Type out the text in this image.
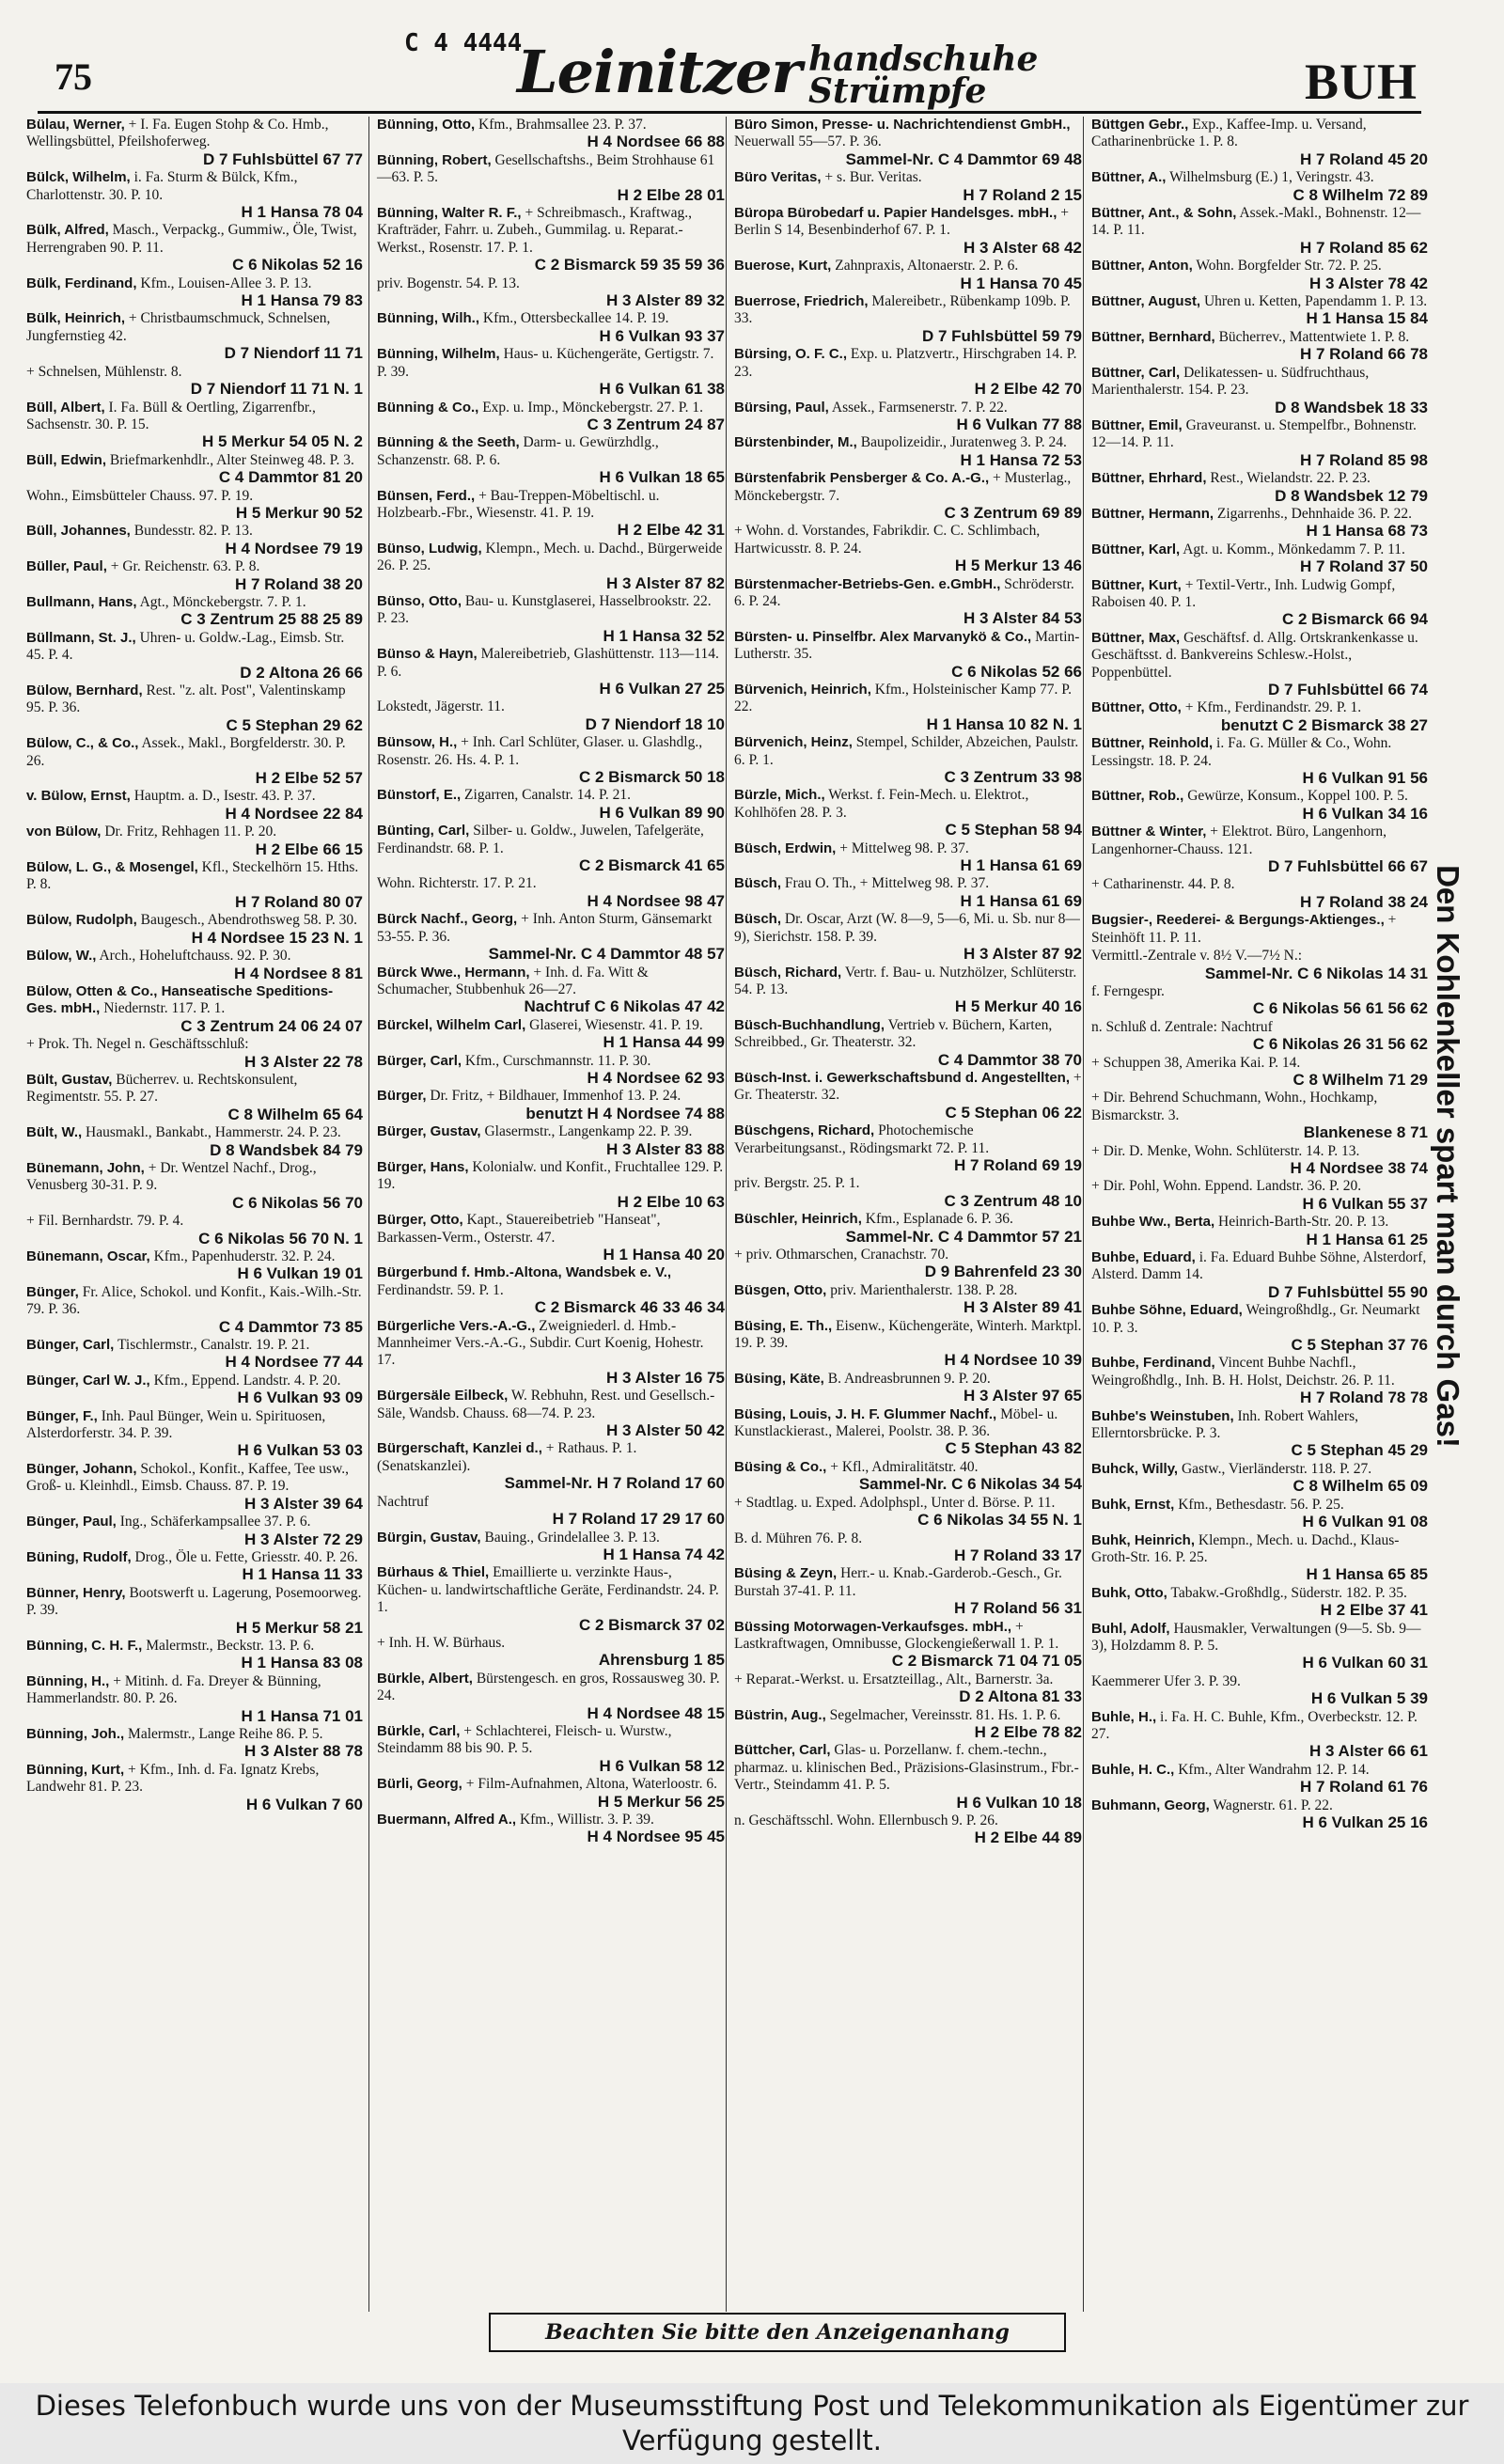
75
C 4 4444
Leinitzer handschuhe Strümpfe	BUH
Bülau, Werner, + I. Fa. Eugen Stohp & Co. Hmb., Wellingsbüttel, Pfeilshoferweg.
D 7 Fuhlsbüttel 67 77
Bülck, Wilhelm, i. Fa. Sturm & Bülck, Kfm., Charlottenstr. 30. P. 10.
H 1 Hansa 78 04
Bülk, Alfred, Masch., Verpackg., Gummiw., Öle, Twist, Herrengraben 90. P. 11.
C 6 Nikolas 52 16
Bülk, Ferdinand, Kfm., Louisen-Allee 3. P. 13.
H 1 Hansa 79 83
Bülk, Heinrich, + Christbaumschmuck, Schnelsen, Jungfernstieg 42.
D 7 Niendorf 11 71
+ Schnelsen, Mühlenstr. 8.
D 7 Niendorf 11 71 N. 1
Büll, Albert, I. Fa. Büll & Oertling, Zigarrenfbr., Sachsenstr. 30. P. 15.
H 5 Merkur 54 05 N. 2
Büll, Edwin, Briefmarkenhdlr., Alter Steinweg 48. P. 3.
C 4 Dammtor 81 20
Wohn., Eimsbütteler Chauss. 97. P. 19.
H 5 Merkur 90 52
Büll, Johannes, Bundesstr. 82. P. 13.
H 4 Nordsee 79 19
Büller, Paul, + Gr. Reichenstr. 63. P. 8.
H 7 Roland 38 20
Bullmann, Hans, Agt., Mönckebergstr. 7. P. 1.
C 3 Zentrum 25 88 25 89
Büllmann, St. J., Uhren- u. Goldw.-Lag., Eimsb. Str. 45. P. 4.
D 2 Altona 26 66
Bülow, Bernhard, Rest. "z. alt. Post", Valentinskamp 95. P. 36.
C 5 Stephan 29 62
Bülow, C., & Co., Assek., Makl., Borgfelderstr. 30. P. 26.
H 2 Elbe 52 57
v. Bülow, Ernst, Hauptm. a. D., Isestr. 43. P. 37.
H 4 Nordsee 22 84
von Bülow, Dr. Fritz, Rehhagen 11. P. 20.
H 2 Elbe 66 15
Bülow, L. G., & Mosengel, Kfl., Steckelhörn 15. Hths. P. 8.
H 7 Roland 80 07
Bülow, Rudolph, Baugesch., Abendrothsweg 58. P. 30.
H 4 Nordsee 15 23 N. 1
Bülow, W., Arch., Hoheluftchauss. 92. P. 30.
H 4 Nordsee 8 81
Bülow, Otten & Co., Hanseatische Speditions-Ges. mbH., Niedernstr. 117. P. 1.
C 3 Zentrum 24 06 24 07
+ Prok. Th. Negel n. Geschäftsschluß:
H 3 Alster 22 78
Bült, Gustav, Bücherrev. u. Rechtskonsulent, Regimentstr. 55. P. 27.
C 8 Wilhelm 65 64
Bült, W., Hausmakl., Bankabt., Hammerstr. 24. P. 23.
D 8 Wandsbek 84 79
Bünemann, John, + Dr. Wentzel Nachf., Drog., Venusberg 30-31. P. 9.
C 6 Nikolas 56 70
+ Fil. Bernhardstr. 79. P. 4.
C 6 Nikolas 56 70 N. 1
Bünemann, Oscar, Kfm., Papenhuderstr. 32. P. 24.
H 6 Vulkan 19 01
Bünger, Fr. Alice, Schokol. und Konfit., Kais.-Wilh.-Str. 79. P. 36.
C 4 Dammtor 73 85
Bünger, Carl, Tischlermstr., Canalstr. 19. P. 21.
H 4 Nordsee 77 44
Bünger, Carl W. J., Kfm., Eppend. Landstr. 4. P. 20.
H 6 Vulkan 93 09
Bünger, F., Inh. Paul Bünger, Wein u. Spirituosen, Alsterdorferstr. 34. P. 39.
H 6 Vulkan 53 03
Bünger, Johann, Schokol., Konfit., Kaffee, Tee usw., Groß- u. Kleinhdl., Eimsb. Chauss. 87. P. 19.
H 3 Alster 39 64
Bünger, Paul, Ing., Schäferkampsallee 37. P. 6.
H 3 Alster 72 29
Büning, Rudolf, Drog., Öle u. Fette, Griesstr. 40. P. 26.
H 1 Hansa 11 33
Bünner, Henry, Bootswerft u. Lagerung, Posemoorweg. P. 39.
H 5 Merkur 58 21
Bünning, C. H. F., Malermstr., Beckstr. 13. P. 6.
H 1 Hansa 83 08
Bünning, H., + Mitinh. d. Fa. Dreyer & Bünning, Hammerlandstr. 80. P. 26.
H 1 Hansa 71 01
Bünning, Joh., Malermstr., Lange Reihe 86. P. 5.
H 3 Alster 88 78
Bünning, Kurt, + Kfm., Inh. d. Fa. Ignatz Krebs, Landwehr 81. P. 23.
H 6 Vulkan 7 60
Bünning, Otto, Kfm., Brahmsallee 23. P. 37.
H 4 Nordsee 66 88
Bünning, Robert, Gesellschaftshs., Beim Strohhause 61—63. P. 5.
H 2 Elbe 28 01
Bünning, Walter R. F., + Schreibmasch., Kraftwag., Krafträder, Fahrr. u. Zubeh., Gummilag. u. Reparat.-Werkst., Rosenstr. 17. P. 1.
C 2 Bismarck 59 35 59 36
priv. Bogenstr. 54. P. 13.
H 3 Alster 89 32
Bünning, Wilh., Kfm., Ottersbeckallee 14. P. 19.
H 6 Vulkan 93 37
Bünning, Wilhelm, Haus- u. Küchengeräte, Gertigstr. 7. P. 39.
H 6 Vulkan 61 38
Bünning & Co., Exp. u. Imp., Mönckebergstr. 27. P. 1.
C 3 Zentrum 24 87
Bünning & the Seeth, Darm- u. Gewürzhdlg., Schanzenstr. 68. P. 6.
H 6 Vulkan 18 65
Bünsen, Ferd., + Bau-Treppen-Möbeltischl. u. Holzbearb.-Fbr., Wiesenstr. 41. P. 19.
H 2 Elbe 42 31
Bünso, Ludwig, Klempn., Mech. u. Dachd., Bürgerweide 26. P. 25.
H 3 Alster 87 82
Bünso, Otto, Bau- u. Kunstglaserei, Hasselbrookstr. 22. P. 23.
H 1 Hansa 32 52
Bünso & Hayn, Malereibetrieb, Glashüttenstr. 113—114. P. 6.
H 6 Vulkan 27 25
Lokstedt, Jägerstr. 11.
D 7 Niendorf 18 10
Bünsow, H., + Inh. Carl Schlüter, Glaser. u. Glashdlg., Rosenstr. 26. Hs. 4. P. 1.
C 2 Bismarck 50 18
Bünstorf, E., Zigarren, Canalstr. 14. P. 21.
H 6 Vulkan 89 90
Bünting, Carl, Silber- u. Goldw., Juwelen, Tafelgeräte, Ferdinandstr. 68. P. 1.
C 2 Bismarck 41 65
Wohn. Richterstr. 17. P. 21.
H 4 Nordsee 98 47
Bürck Nachf., Georg, + Inh. Anton Sturm, Gänsemarkt 53-55. P. 36.
Sammel-Nr. C 4 Dammtor 48 57
Bürck Wwe., Hermann, + Inh. d. Fa. Witt & Schumacher, Stubbenhuk 26—27.
Nachtruf C 6 Nikolas 47 42
Bürckel, Wilhelm Carl, Glaserei, Wiesenstr. 41. P. 19.
H 1 Hansa 44 99
Bürger, Carl, Kfm., Curschmannstr. 11. P. 30.
H 4 Nordsee 62 93
Bürger, Dr. Fritz, + Bildhauer, Immenhof 13. P. 24.
benutzt H 4 Nordsee 74 88
Bürger, Gustav, Glasermstr., Langenkamp 22. P. 39.
H 3 Alster 83 88
Bürger, Hans, Kolonialw. und Konfit., Fruchtallee 129. P. 19.
H 2 Elbe 10 63
Bürger, Otto, Kapt., Stauereibetrieb "Hanseat", Barkassen-Verm., Osterstr. 47.
H 1 Hansa 40 20
Bürgerbund f. Hmb.-Altona, Wandsbek e. V., Ferdinandstr. 59. P. 1.
C 2 Bismarck 46 33 46 34
Bürgerliche Vers.-A.-G., Zweigniederl. d. Hmb.-Mannheimer Vers.-A.-G., Subdir. Curt Koenig, Hohestr. 17.
H 3 Alster 16 75
Bürgersäle Eilbeck, W. Rebhuhn, Rest. und Gesellsch.-Säle, Wandsb. Chauss. 68—74. P. 23.
H 3 Alster 50 42
Bürgerschaft, Kanzlei d., + Rathaus. P. 1. (Senatskanzlei).
Sammel-Nr. H 7 Roland 17 60
Nachtruf
H 7 Roland 17 29 17 60
Bürgin, Gustav, Bauing., Grindelallee 3. P. 13.
H 1 Hansa 74 42
Bürhaus & Thiel, Emaillierte u. verzinkte Haus-, Küchen- u. landwirtschaftliche Geräte, Ferdinandstr. 24. P. 1.
C 2 Bismarck 37 02
+ Inh. H. W. Bürhaus.
Ahrensburg 1 85
Bürkle, Albert, Bürstengesch. en gros, Rossausweg 30. P. 24.
H 4 Nordsee 48 15
Bürkle, Carl, + Schlachterei, Fleisch- u. Wurstw., Steindamm 88 bis 90. P. 5.
H 6 Vulkan 58 12
Bürli, Georg, + Film-Aufnahmen, Altona, Waterloostr. 6.
H 5 Merkur 56 25
Buermann, Alfred A., Kfm., Willistr. 3. P. 39.
H 4 Nordsee 95 45
Büro Simon, Presse- u. Nachrichtendienst GmbH., Neuerwall 55—57. P. 36.
Sammel-Nr. C 4 Dammtor 69 48
Büro Veritas, + s. Bur. Veritas.
H 7 Roland 2 15
Büropa Bürobedarf u. Papier Handelsges. mbH., + Berlin S 14, Besenbinderhof 67. P. 1.
H 3 Alster 68 42
Buerose, Kurt, Zahnpraxis, Altonaerstr. 2. P. 6.
H 1 Hansa 70 45
Buerrose, Friedrich, Malereibetr., Rübenkamp 109b. P. 33.
D 7 Fuhlsbüttel 59 79
Bürsing, O. F. C., Exp. u. Platzvertr., Hirschgraben 14. P. 23.
H 2 Elbe 42 70
Bürsing, Paul, Assek., Farmsenerstr. 7. P. 22.
H 6 Vulkan 77 88
Bürstenbinder, M., Baupolizeidir., Juratenweg 3. P. 24.
H 1 Hansa 72 53
Bürstenfabrik Pensberger & Co. A.-G., + Musterlag., Mönckebergstr. 7.
C 3 Zentrum 69 89
+ Wohn. d. Vorstandes, Fabrikdir. C. C. Schlimbach, Hartwicusstr. 8. P. 24.
H 5 Merkur 13 46
Bürstenmacher-Betriebs-Gen. e.GmbH., Schröderstr. 6. P. 24.
H 3 Alster 84 53
Bürsten- u. Pinselfbr. Alex Marvanykö & Co., Martin-Lutherstr. 35.
C 6 Nikolas 52 66
Bürvenich, Heinrich, Kfm., Holsteinischer Kamp 77. P. 22.
H 1 Hansa 10 82 N. 1
Bürvenich, Heinz, Stempel, Schilder, Abzeichen, Paulstr. 6. P. 1.
C 3 Zentrum 33 98
Bürzle, Mich., Werkst. f. Fein-Mech. u. Elektrot., Kohlhöfen 28. P. 3.
C 5 Stephan 58 94
Büsch, Erdwin, + Mittelweg 98. P. 37.
H 1 Hansa 61 69
Büsch, Frau O. Th., + Mittelweg 98. P. 37.
H 1 Hansa 61 69
Büsch, Dr. Oscar, Arzt (W. 8—9, 5—6, Mi. u. Sb. nur 8—9), Sierichstr. 158. P. 39.
H 3 Alster 87 92
Büsch, Richard, Vertr. f. Bau- u. Nutzhölzer, Schlüterstr. 54. P. 13.
H 5 Merkur 40 16
Büsch-Buchhandlung, Vertrieb v. Büchern, Karten, Schreibbed., Gr. Theaterstr. 32.
C 4 Dammtor 38 70
Büsch-Inst. i. Gewerkschaftsbund d. Angestellten, + Gr. Theaterstr. 32.
C 5 Stephan 06 22
Büschgens, Richard, Photochemische Verarbeitungsanst., Rödingsmarkt 72. P. 11.
H 7 Roland 69 19
priv. Bergstr. 25. P. 1.
C 3 Zentrum 48 10
Büschler, Heinrich, Kfm., Esplanade 6. P. 36.
Sammel-Nr. C 4 Dammtor 57 21
+ priv. Othmarschen, Cranachstr. 70.
D 9 Bahrenfeld 23 30
Büsgen, Otto, priv. Marienthalerstr. 138. P. 28.
H 3 Alster 89 41
Büsing, E. Th., Eisenw., Küchengeräte, Winterh. Marktpl. 19. P. 39.
H 4 Nordsee 10 39
Büsing, Käte, B. Andreasbrunnen 9. P. 20.
H 3 Alster 97 65
Büsing, Louis, J. H. F. Glummer Nachf., Möbel- u. Kunstlackierast., Malerei, Poolstr. 38. P. 36.
C 5 Stephan 43 82
Büsing & Co., + Kfl., Admiralitätstr. 40.
Sammel-Nr. C 6 Nikolas 34 54
+ Stadtlag. u. Exped. Adolphspl., Unter d. Börse. P. 11.
C 6 Nikolas 34 55 N. 1
B. d. Mühren 76. P. 8.
H 7 Roland 33 17
Büsing & Zeyn, Herr.- u. Knab.-Garderob.-Gesch., Gr. Burstah 37-41. P. 11.
H 7 Roland 56 31
Büssing Motorwagen-Verkaufsges. mbH., + Lastkraftwagen, Omnibusse, Glockengießerwall 1. P. 1.
C 2 Bismarck 71 04 71 05
+ Reparat.-Werkst. u. Ersatzteillag., Alt., Barnerstr. 3a.
D 2 Altona 81 33
Büstrin, Aug., Segelmacher, Vereinsstr. 81. Hs. 1. P. 6.
H 2 Elbe 78 82
Büttcher, Carl, Glas- u. Porzellanw. f. chem.-techn., pharmaz. u. klinischen Bed., Präzisions-Glasinstrum., Fbr.-Vertr., Steindamm 41. P. 5.
H 6 Vulkan 10 18
n. Geschäftsschl. Wohn. Ellernbusch 9. P. 26.
H 2 Elbe 44 89
Büttgen Gebr., Exp., Kaffee-Imp. u. Versand, Catharinenbrücke 1. P. 8.
H 7 Roland 45 20
Büttner, A., Wilhelmsburg (E.) 1, Veringstr. 43.
C 8 Wilhelm 72 89
Büttner, Ant., & Sohn, Assek.-Makl., Bohnenstr. 12—14. P. 11.
H 7 Roland 85 62
Büttner, Anton, Wohn. Borgfelder Str. 72. P. 25.
H 3 Alster 78 42
Büttner, August, Uhren u. Ketten, Papendamm 1. P. 13.
H 1 Hansa 15 84
Büttner, Bernhard, Bücherrev., Mattentwiete 1. P. 8.
H 7 Roland 66 78
Büttner, Carl, Delikatessen- u. Südfruchthaus, Marienthalerstr. 154. P. 23.
D 8 Wandsbek 18 33
Büttner, Emil, Graveuranst. u. Stempelfbr., Bohnenstr. 12—14. P. 11.
H 7 Roland 85 98
Büttner, Ehrhard, Rest., Wielandstr. 22. P. 23.
D 8 Wandsbek 12 79
Büttner, Hermann, Zigarrenhs., Dehnhaide 36. P. 22.
H 1 Hansa 68 73
Büttner, Karl, Agt. u. Komm., Mönkedamm 7. P. 11.
H 7 Roland 37 50
Büttner, Kurt, + Textil-Vertr., Inh. Ludwig Gompf, Raboisen 40. P. 1.
C 2 Bismarck 66 94
Büttner, Max, Geschäftsf. d. Allg. Ortskrankenkasse u. Geschäftsst. d. Bankvereins Schlesw.-Holst., Poppenbüttel.
D 7 Fuhlsbüttel 66 74
Büttner, Otto, + Kfm., Ferdinandstr. 29. P. 1.
benutzt C 2 Bismarck 38 27
Büttner, Reinhold, i. Fa. G. Müller & Co., Wohn. Lessingstr. 18. P. 24.
H 6 Vulkan 91 56
Büttner, Rob., Gewürze, Konsum., Koppel 100. P. 5.
H 6 Vulkan 34 16
Büttner & Winter, + Elektrot. Büro, Langenhorn, Langenhorner-Chauss. 121.
D 7 Fuhlsbüttel 66 67
+ Catharinenstr. 44. P. 8.
H 7 Roland 38 24
Bugsier-, Reederei- & Bergungs-Aktienges., + Steinhöft 11. P. 11.
Vermittl.-Zentrale v. 8½ V.—7½ N.:
Sammel-Nr. C 6 Nikolas 14 31
f. Ferngespr.
C 6 Nikolas 56 61 56 62
n. Schluß d. Zentrale: Nachtruf
C 6 Nikolas 26 31 56 62
+ Schuppen 38, Amerika Kai. P. 14.
C 8 Wilhelm 71 29
+ Dir. Behrend Schuchmann, Wohn., Hochkamp, Bismarckstr. 3.
Blankenese 8 71
+ Dir. D. Menke, Wohn. Schlüterstr. 14. P. 13.
H 4 Nordsee 38 74
+ Dir. Pohl, Wohn. Eppend. Landstr. 36. P. 20.
H 6 Vulkan 55 37
Buhbe Ww., Berta, Heinrich-Barth-Str. 20. P. 13.
H 1 Hansa 61 25
Buhbe, Eduard, i. Fa. Eduard Buhbe Söhne, Alsterdorf, Alsterd. Damm 14.
D 7 Fuhlsbüttel 55 90
Buhbe Söhne, Eduard, Weingroßhdlg., Gr. Neumarkt 10. P. 3.
C 5 Stephan 37 76
Buhbe, Ferdinand, Vincent Buhbe Nachfl., Weingroßhdlg., Inh. B. H. Holst, Deichstr. 26. P. 11.
H 7 Roland 78 78
Buhbe's Weinstuben, Inh. Robert Wahlers, Ellerntorsbrücke. P. 3.
C 5 Stephan 45 29
Buhck, Willy, Gastw., Vierländerstr. 118. P. 27.
C 8 Wilhelm 65 09
Buhk, Ernst, Kfm., Bethesdastr. 56. P. 25.
H 6 Vulkan 91 08
Buhk, Heinrich, Klempn., Mech. u. Dachd., Klaus-Groth-Str. 16. P. 25.
H 1 Hansa 65 85
Buhk, Otto, Tabakw.-Großhdlg., Süderstr. 182. P. 35.
H 2 Elbe 37 41
Buhl, Adolf, Hausmakler, Verwaltungen (9—5. Sb. 9—3), Holzdamm 8. P. 5.
H 6 Vulkan 60 31
Kaemmerer Ufer 3. P. 39.
H 6 Vulkan 5 39
Buhle, H., i. Fa. H. C. Buhle, Kfm., Overbeckstr. 12. P. 27.
H 3 Alster 66 61
Buhle, H. C., Kfm., Alter Wandrahm 12. P. 14.
H 7 Roland 61 76
Buhmann, Georg, Wagnerstr. 61. P. 22.
H 6 Vulkan 25 16
Den Kohlenkeller spart man durch Gas!
Beachten Sie bitte den Anzeigenanhang
Dieses Telefonbuch wurde uns von der Museumsstiftung Post und Telekommunikation als Eigentümer zur Verfügung gestellt.
